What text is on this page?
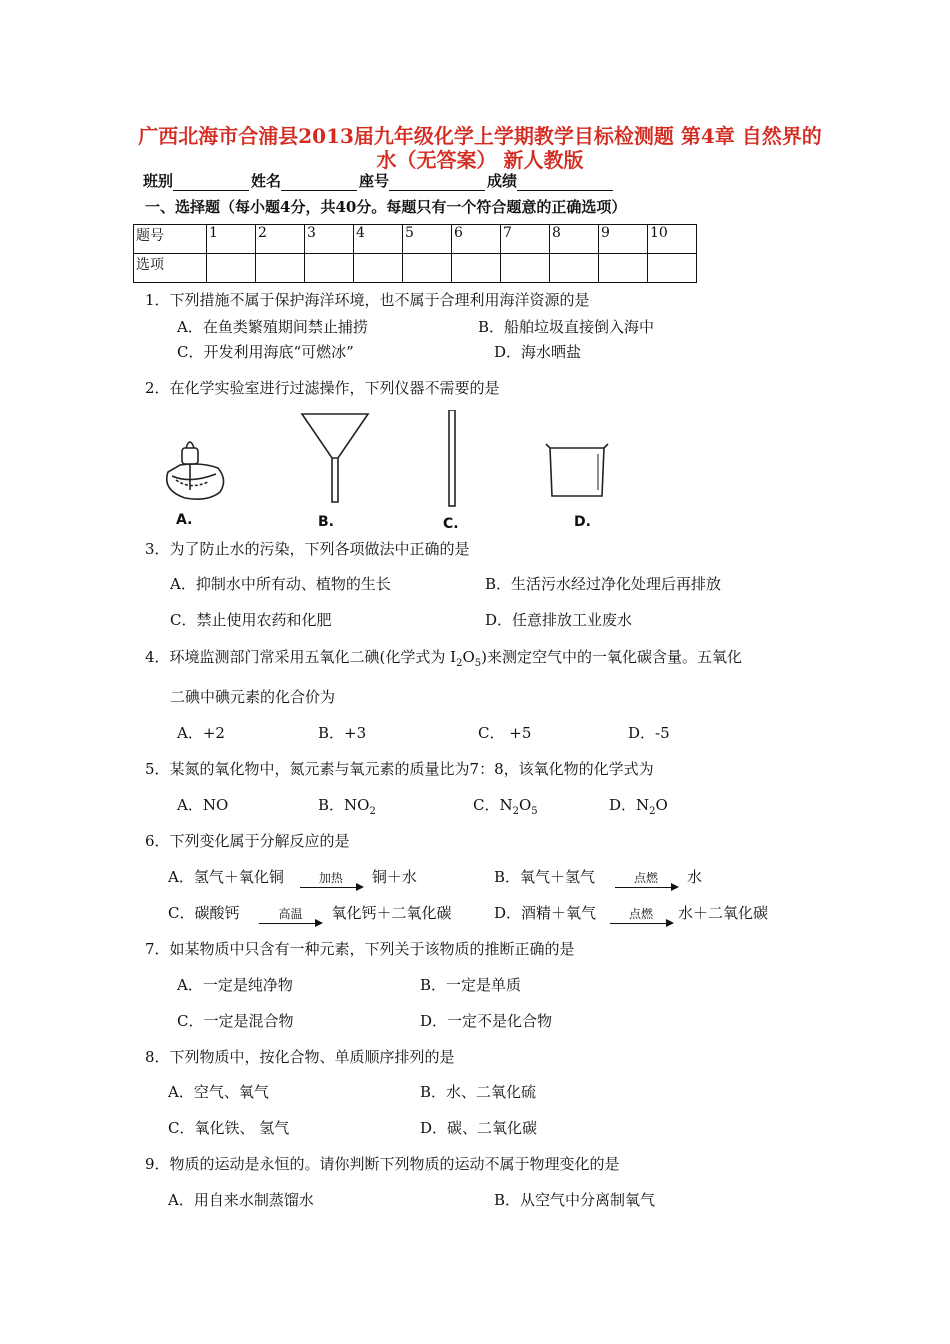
广西北海市合浦县2013届九年级化学上学期教学目标检测题 第4章 自然界的水（无答案） 新人教版
班别	姓名	座号	成绩
一、选择题（每小题4分，共40分。每题只有一个符合题意的正确选项）
题号	1	2	3	4	5	6	7	8	9	10
选项										
1．下列措施不属于保护海洋环境，也不属于合理利用海洋资源的是
A．在鱼类繁殖期间禁止捕捞	B．船舶垃圾直接倒入海中
C．开发利用海底“可燃冰”	D．海水晒盐
2．在化学实验室进行过滤操作，下列仪器不需要的是
A.	B.	C.	D.
3．为了防止水的污染，下列各项做法中正确的是
A．抑制水中所有动、植物的生长	B．生活污水经过净化处理后再排放
C．禁止使用农药和化肥	D．任意排放工业废水
4．环境监测部门常采用五氧化二碘(化学式为 $I_2O_5$)来测定空气中的一氧化碳含量。五氧化
二碘中碘元素的化合价为
A．+2	B．+3	C． +5	D．-5
5．某氮的氧化物中，氮元素与氧元素的质量比为7：8，该氧化物的化学式为
A．NO	B．$NO_2$	C．$N_2O_5$	D．$N_2O$
6．下列变化属于分解反应的是
A．氢气＋氧化铜	加热 铜＋水	B．氧气＋氢气	点燃 水
C．碳酸钙	高温 氧化钙＋二氧化碳	D．酒精＋氧气	点燃 水＋二氧化碳
7．如某物质中只含有一种元素，下列关于该物质的推断正确的是
A．一定是纯净物	B．一定是单质
C．一定是混合物	D．一定不是化合物
8．下列物质中，按化合物、单质顺序排列的是
A．空气、氧气	B．水、二氧化硫
C．氧化铁、 氢气	D．碳、二氧化碳
9．物质的运动是永恒的。请你判断下列物质的运动不属于物理变化的是
A．用自来水制蒸馏水	B．从空气中分离制氧气
